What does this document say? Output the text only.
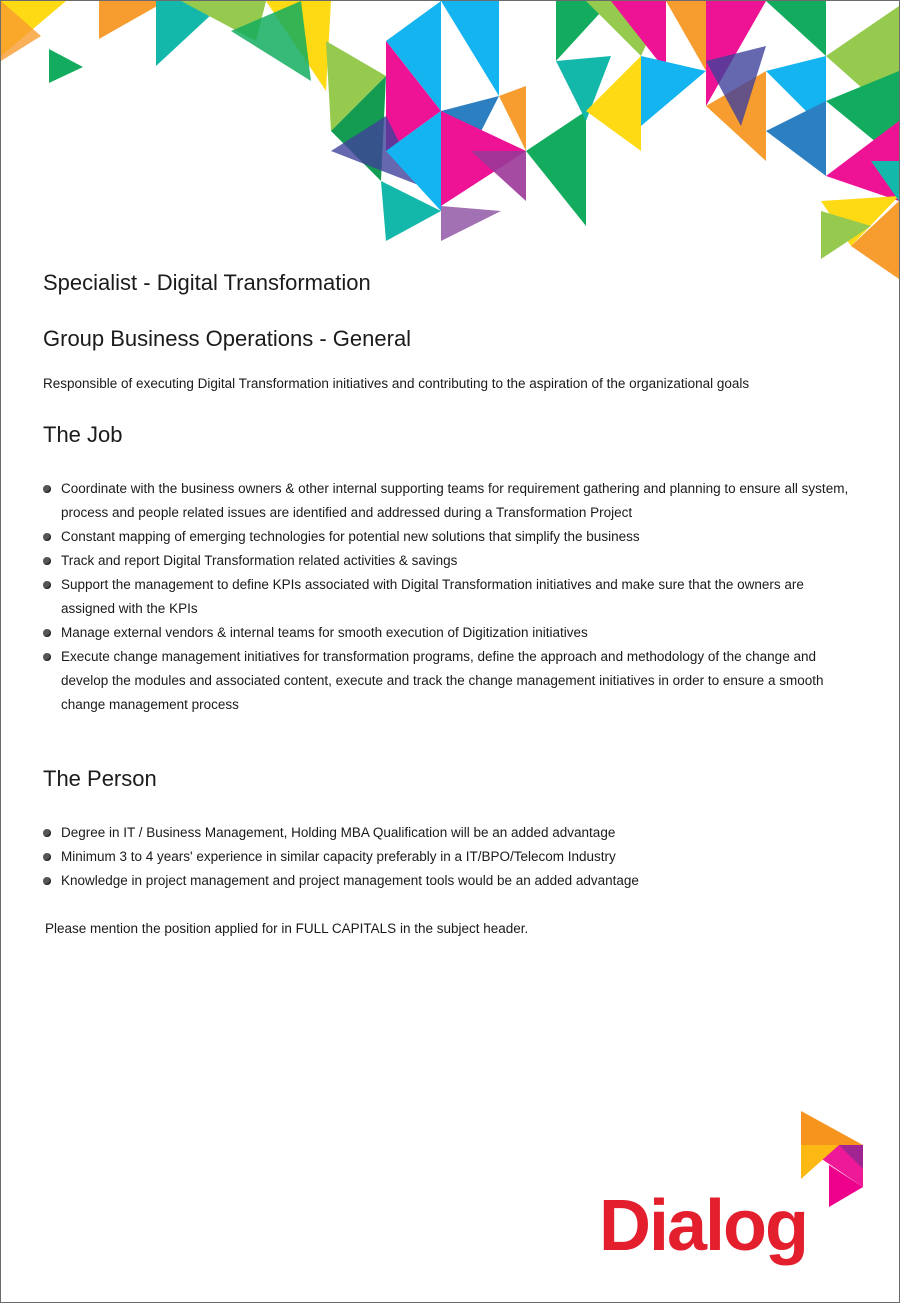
Specialist - Digital Transformation
Group Business Operations - General

Responsible of executing Digital Transformation initiatives and contributing to the aspiration of the organizational goals

The Job
Coordinate with the business owners & other internal supporting teams for requirement gathering and planning to ensure all system, process and people related issues are identified and addressed during a Transformation Project
Constant mapping of emerging technologies for potential new solutions that simplify the business
Track and report Digital Transformation related activities & savings
Support the management to define KPIs associated with Digital Transformation initiatives and make sure that the owners are assigned with the KPIs
Manage external vendors & internal teams for smooth execution of Digitization initiatives
Execute change management initiatives for transformation programs, define the approach and methodology of the change and develop the modules and associated content, execute and track the change management initiatives in order to ensure a smooth change management process
The Person
Degree in IT / Business Management, Holding MBA Qualification will be an added advantage
Minimum 3 to 4 years' experience in similar capacity preferably in a IT/BPO/Telecom Industry
Knowledge in project management and project management tools would be an added advantage

Please mention the position applied for in FULL CAPITALS in the subject header.

Dialog
